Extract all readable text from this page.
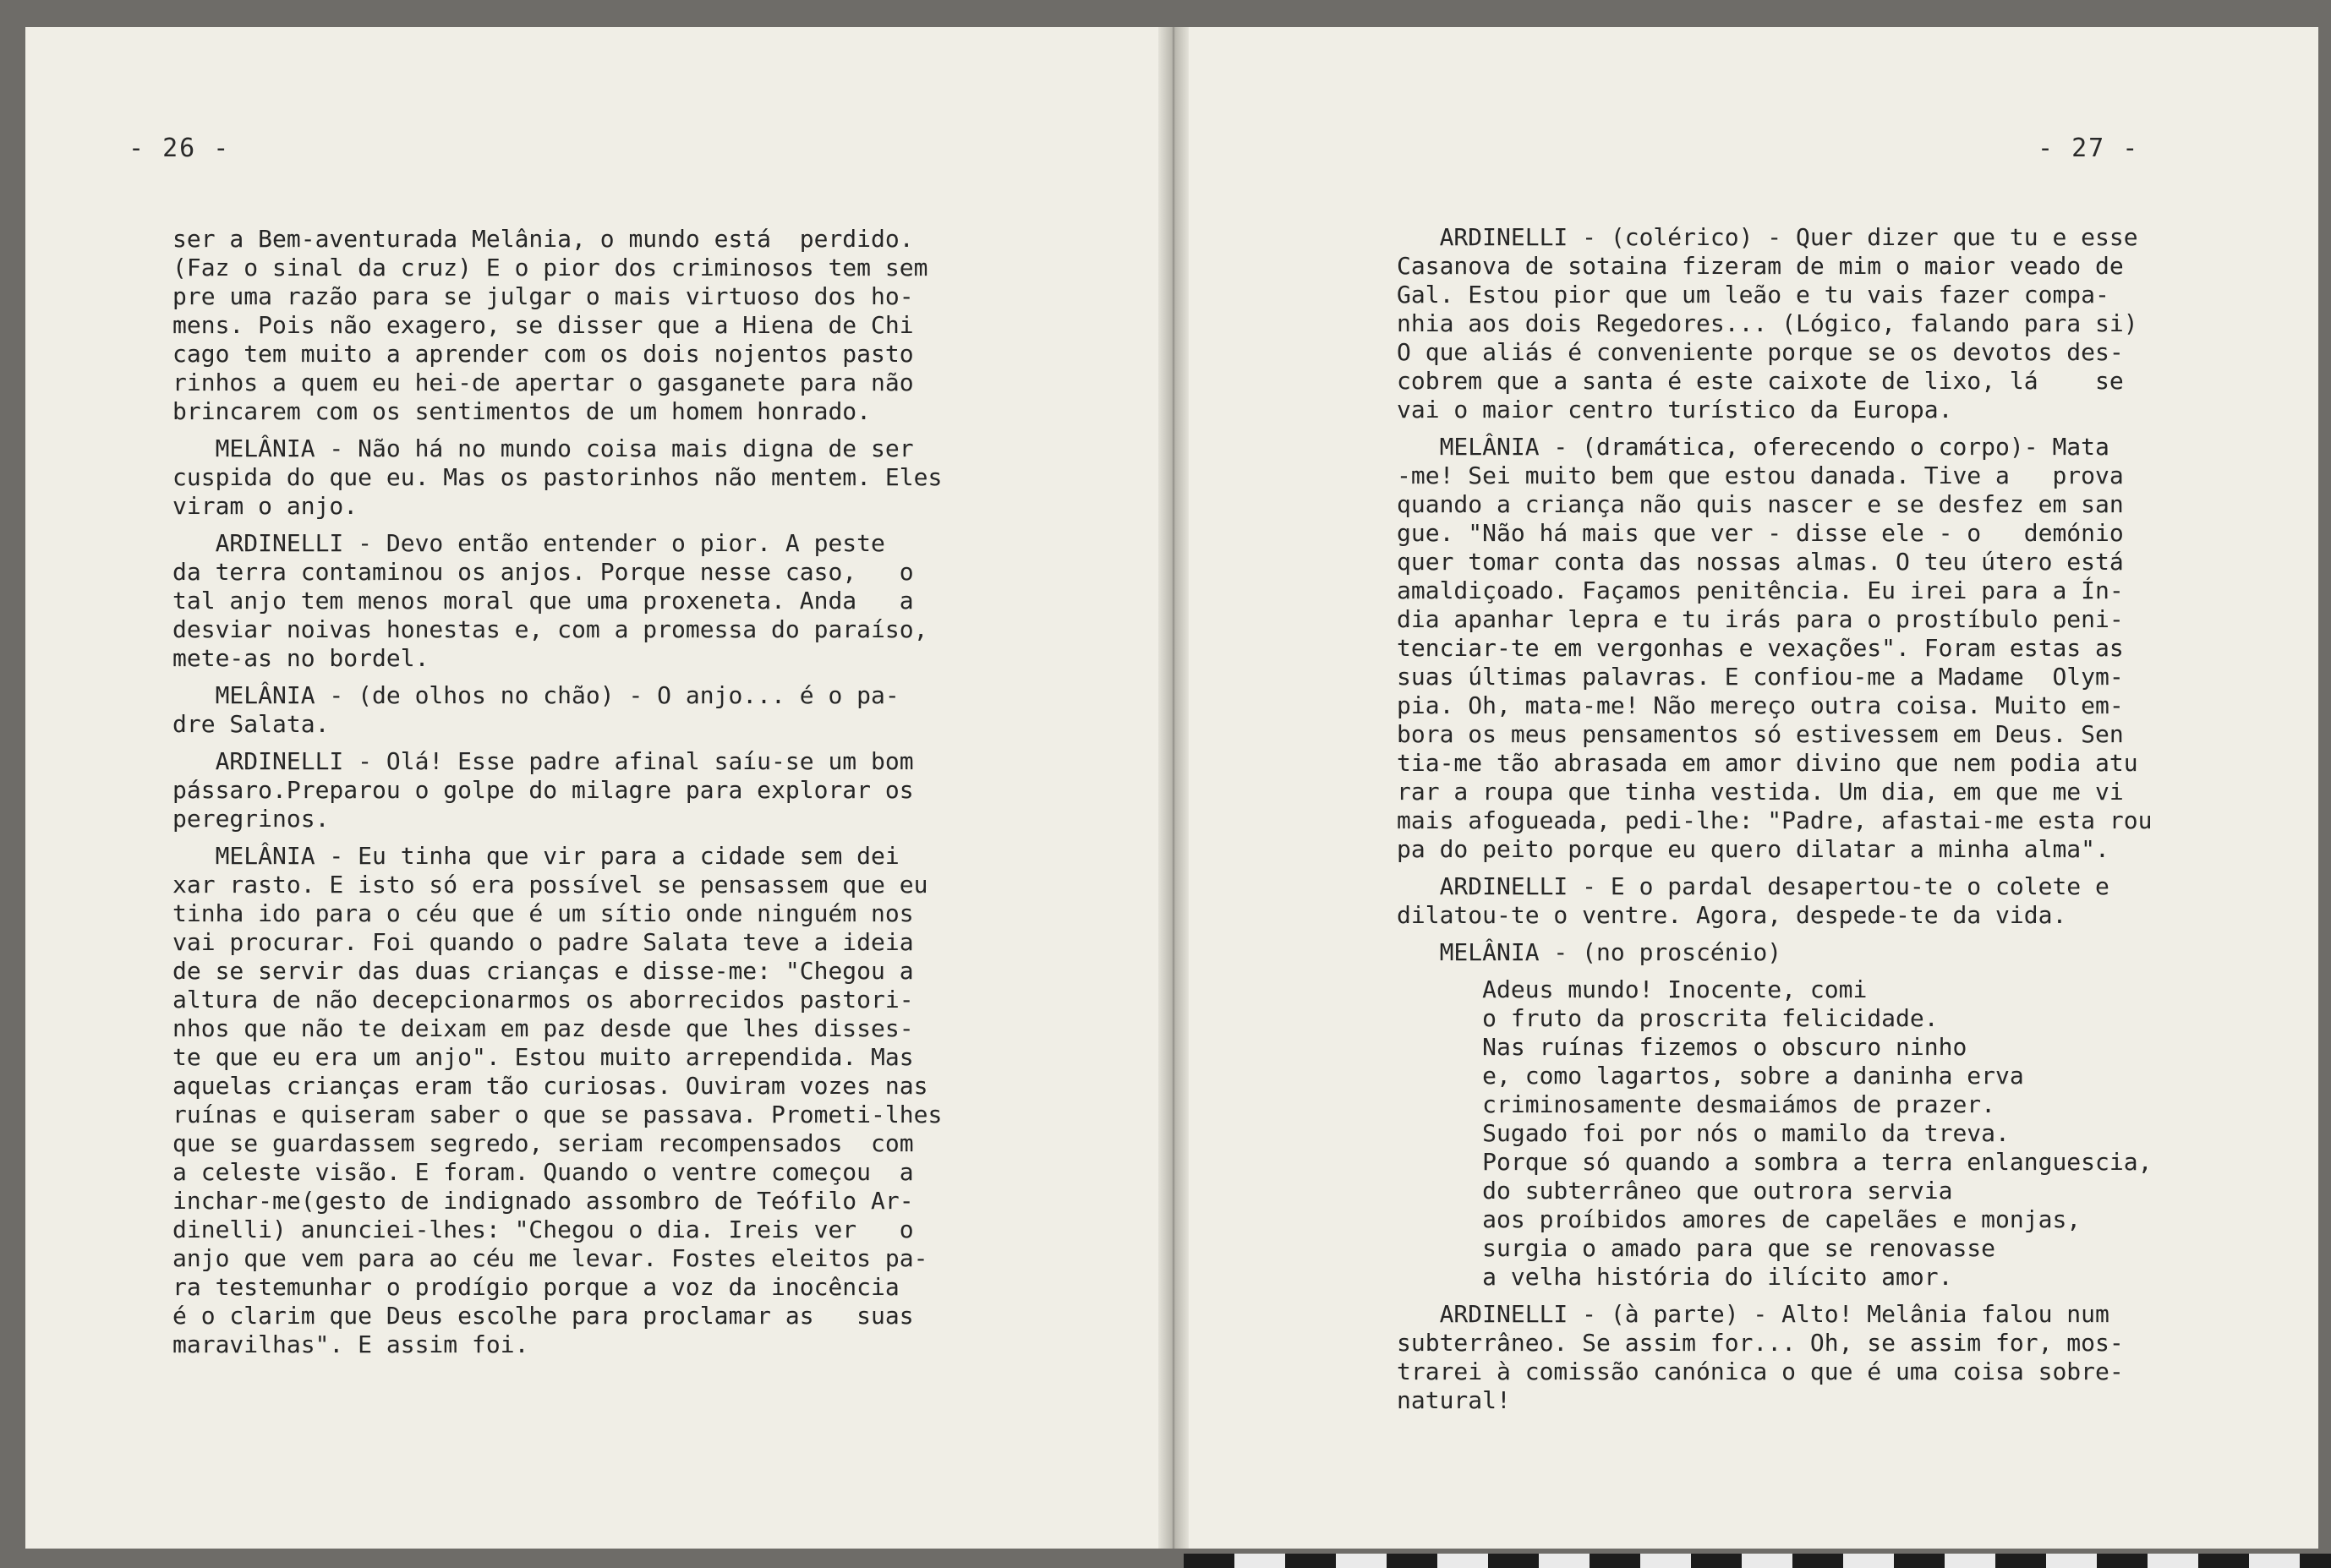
- 26 -	- 27 -

ser a Bem-aventurada Melânia, o mundo está  perdido.
(Faz o sinal da cruz) E o pior dos criminosos tem sem
pre uma razão para se julgar o mais virtuoso dos ho-
mens. Pois não exagero, se disser que a Hiena de Chi
cago tem muito a aprender com os dois nojentos pasto
rinhos a quem eu hei-de apertar o gasganete para não
brincarem com os sentimentos de um homem honrado.
MELÂNIA - Não há no mundo coisa mais digna de ser
cuspida do que eu. Mas os pastorinhos não mentem. Eles
viram o anjo.
ARDINELLI - Devo então entender o pior. A peste
da terra contaminou os anjos. Porque nesse caso,   o
tal anjo tem menos moral que uma proxeneta. Anda   a
desviar noivas honestas e, com a promessa do paraíso,
mete-as no bordel.
MELÂNIA - (de olhos no chão) - O anjo... é o pa-
dre Salata.
ARDINELLI - Olá! Esse padre afinal saíu-se um bom
pássaro.Preparou o golpe do milagre para explorar os
peregrinos.
MELÂNIA - Eu tinha que vir para a cidade sem dei
xar rasto. E isto só era possível se pensassem que eu
tinha ido para o céu que é um sítio onde ninguém nos
vai procurar. Foi quando o padre Salata teve a ideia
de se servir das duas crianças e disse-me: "Chegou a
altura de não decepcionarmos os aborrecidos pastori-
nhos que não te deixam em paz desde que lhes disses-
te que eu era um anjo". Estou muito arrependida. Mas
aquelas crianças eram tão curiosas. Ouviram vozes nas
ruínas e quiseram saber o que se passava. Prometi-lhes
que se guardassem segredo, seriam recompensados  com
a celeste visão. E foram. Quando o ventre começou  a
inchar-me(gesto de indignado assombro de Teófilo Ar-
dinelli) anunciei-lhes: "Chegou o dia. Ireis ver   o
anjo que vem para ao céu me levar. Fostes eleitos pa-
ra testemunhar o prodígio porque a voz da inocência
é o clarim que Deus escolhe para proclamar as   suas
maravilhas". E assim foi.
ARDINELLI - (colérico) - Quer dizer que tu e esse
Casanova de sotaina fizeram de mim o maior veado de
Gal. Estou pior que um leão e tu vais fazer compa-
nhia aos dois Regedores... (Lógico, falando para si)
O que aliás é conveniente porque se os devotos des-
cobrem que a santa é este caixote de lixo, lá    se
vai o maior centro turístico da Europa.
MELÂNIA - (dramática, oferecendo o corpo)- Mata
-me! Sei muito bem que estou danada. Tive a   prova
quando a criança não quis nascer e se desfez em san
gue. "Não há mais que ver - disse ele - o   demónio
quer tomar conta das nossas almas. O teu útero está
amaldiçoado. Façamos penitência. Eu irei para a Ín-
dia apanhar lepra e tu irás para o prostíbulo peni-
tenciar-te em vergonhas e vexações". Foram estas as
suas últimas palavras. E confiou-me a Madame  Olym-
pia. Oh, mata-me! Não mereço outra coisa. Muito em-
bora os meus pensamentos só estivessem em Deus. Sen
tia-me tão abrasada em amor divino que nem podia atu
rar a roupa que tinha vestida. Um dia, em que me vi
mais afogueada, pedi-lhe: "Padre, afastai-me esta rou
pa do peito porque eu quero dilatar a minha alma".
ARDINELLI - E o pardal desapertou-te o colete e
dilatou-te o ventre. Agora, despede-te da vida.
MELÂNIA - (no proscénio)
Adeus mundo! Inocente, comi
o fruto da proscrita felicidade.
Nas ruínas fizemos o obscuro ninho
e, como lagartos, sobre a daninha erva
criminosamente desmaiámos de prazer.
Sugado foi por nós o mamilo da treva.
Porque só quando a sombra a terra enlanguescia,
do subterrâneo que outrora servia
aos proíbidos amores de capelães e monjas,
surgia o amado para que se renovasse
a velha história do ilícito amor.
ARDINELLI - (à parte) - Alto! Melânia falou num
subterrâneo. Se assim for... Oh, se assim for, mos-
trarei à comissão canónica o que é uma coisa sobre-
natural!
